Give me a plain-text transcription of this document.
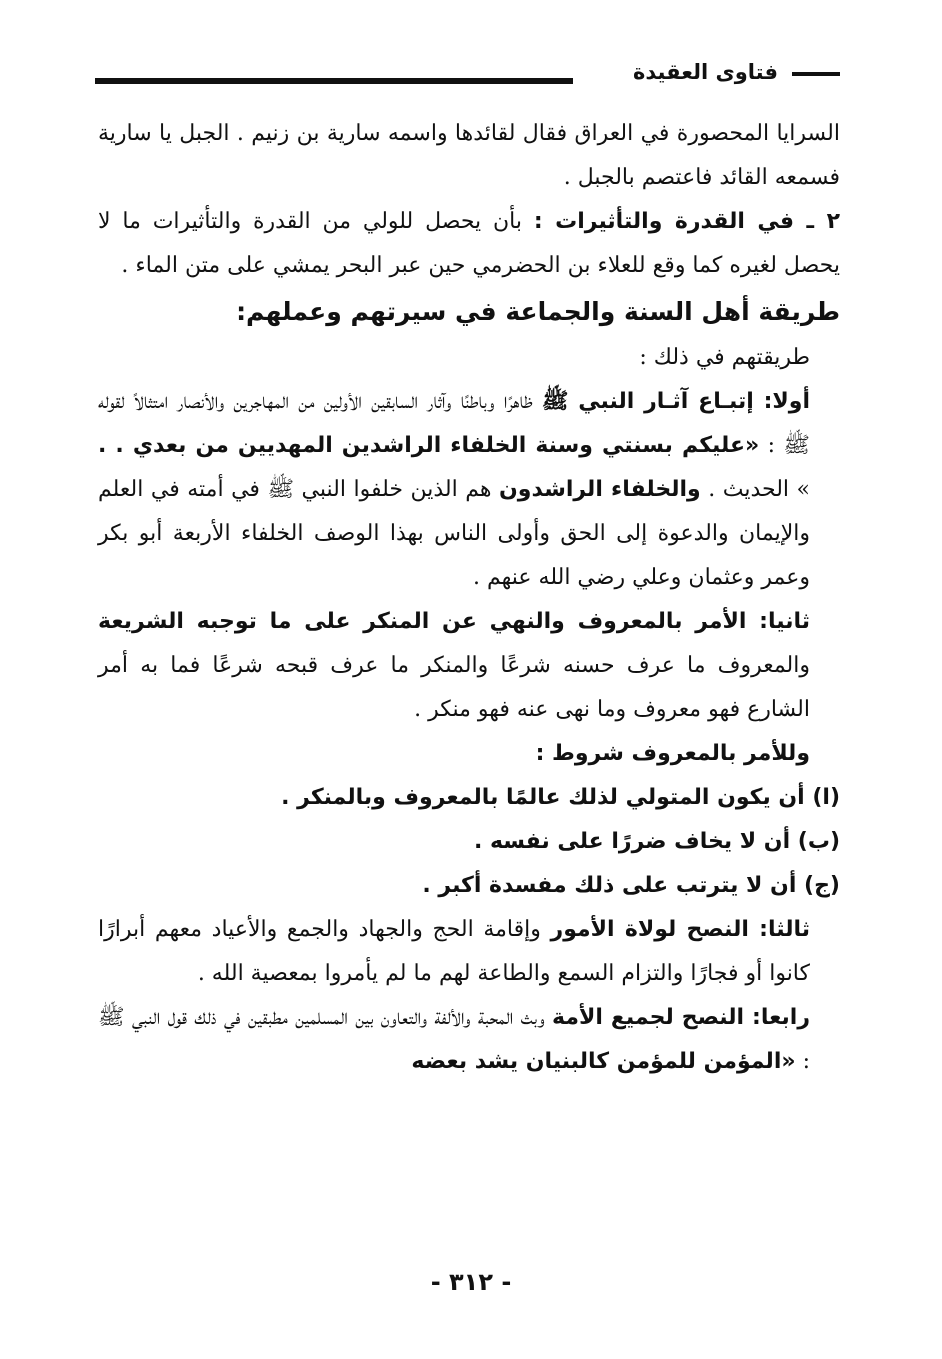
فتاوى العقيدة

السرايا المحصورة في العراق فقال لقائدها واسمه سارية بن زنيم . الجبل يا سارية فسمعه القائد فاعتصم بالجبل .

٢ ـ في القدرة والتأثيرات : بأن يحصل للولي من القدرة والتأثيرات ما لا يحصل لغيره كما وقع للعلاء بن الحضرمي حين عبر البحر يمشي على متن الماء .

طريقة أهل السنة والجماعة في سيرتهم وعملهم:

طريقتهم في ذلك :

أولا: إتبـاع آثـار النبي ﷺ ظاهرًا وباطنًا وآثار السابقين الأولين من المهاجرين والأنصار امتثالاً لقوله ﷺ : «عليكم بسنتي وسنة الخلفاء الراشدين المهديين من بعدي . . » الحديث . والخلفاء الراشدون هم الذين خلفوا النبي ﷺ في أمته في العلم والإيمان والدعوة إلى الحق وأولى الناس بهذا الوصف الخلفاء الأربعة أبو بكر وعمر وعثمان وعلي رضي الله عنهم .

ثانيا: الأمر بالمعروف والنهي عن المنكر على ما توجبه الشريعة والمعروف ما عرف حسنه شرعًا والمنكر ما عرف قبحه شرعًا فما به أمر الشارع فهو معروف وما نهى عنه فهو منكر .

وللأمر بالمعروف شروط :

(ا) أن يكون المتولي لذلك عالمًا بالمعروف وبالمنكر .

(ب) أن لا يخاف ضررًا على نفسه .

(ج) أن لا يترتب على ذلك مفسدة أكبر .

ثالثا: النصح لولاة الأمور وإقامة الحج والجهاد والجمع والأعياد معهم أبرارًا كانوا أو فجارًا والتزام السمع والطاعة لهم ما لم يأمروا بمعصية الله .

رابعا: النصح لجميع الأمة وبث المحبة والألفة والتعاون بين المسلمين مطبقين في ذلك قول النبي ﷺ : «المؤمن للمؤمن كالبنيان يشد بعضه

- ٣١٢ -
